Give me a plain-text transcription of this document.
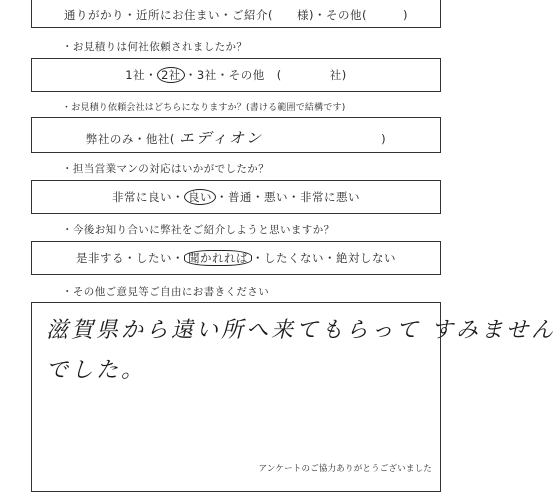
通りがかり・近所にお住まい・ご紹介(　　様)・その他(　　　)
・お見積りは何社依頼されましたか？
1社・ 2社 ・3社・その他　(　　　　社)
・お見積り依頼会社はどちらになりますか？(書ける範囲で結構です)
弊社のみ・他社( エディオン	)
・担当営業マンの対応はいかがでしたか？
非常に良い・ 良い ・普通・悪い・非常に悪い
・今後お知り合いに弊社をご紹介しようと思いますか？
是非する・したい・ 聞かれれば ・したくない・絶対しない
・その他ご意見等ご自由にお書きください
滋賀県から遠い所へ来てもらって すみません
でした。
アンケートのご協力ありがとうございました
